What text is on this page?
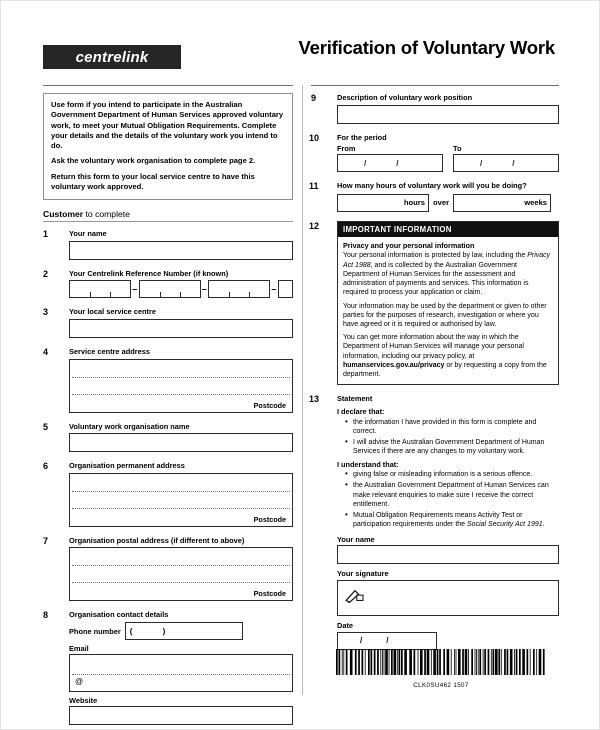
centrelink	Verification of Voluntary Work

Use form if you intend to participate in the Australian Government Department of Human Services approved voluntary work, to meet your Mutual Obligation Requirements. Complete your details and the details of the voluntary work you intend to do.

Ask the voluntary work organisation to complete page 2.

Return this form to your local service centre to have this voluntary work approved.

Customer to complete
1	Your name
2	Your Centrelink Reference Number (if known)
–	–	–
3	Your local service centre
4	Service centre address
Postcode
5	Voluntary work organisation name
6	Organisation permanent address
Postcode
7	Organisation postal address (if different to above)
Postcode
8	Organisation contact details
Phone number	( )
Email
@
Website
9	Description of voluntary work position
10 For the period
From
/	/
To
/	/
11 How many hours of voluntary work will you be doing?
hours	over	weeks
12	IMPORTANT INFORMATION
Privacy and your personal information

Your personal information is protected by law, including the Privacy Act 1988, and is collected by the Australian Government Department of Human Services for the assessment and administration of payments and services. This information is required to process your application or claim.

Your information may be used by the department or given to other parties for the purposes of research, investigation or where you have agreed or it is required or authorised by law.

You can get more information about the way in which the Department of Human Services will manage your personal information, including our privacy policy, at humanservices.gov.au/privacy or by requesting a copy from the department.

13 Statement
I declare that:
• the information I have provided in this form is complete and correct.
• I will advise the Australian Government Department of Human Services if there are any changes to my voluntary work.
I understand that:
• giving false or misleading information is a serious offence.
• the Australian Government Department of Human Services can make relevant enquiries to make sure I receive the correct entitlement.
• Mutual Obligation Requirements means Activity Test or participation requirements under the Social Security Act 1991.
Your name
Your signature
Date
/	/
CLK0SU462 1507
